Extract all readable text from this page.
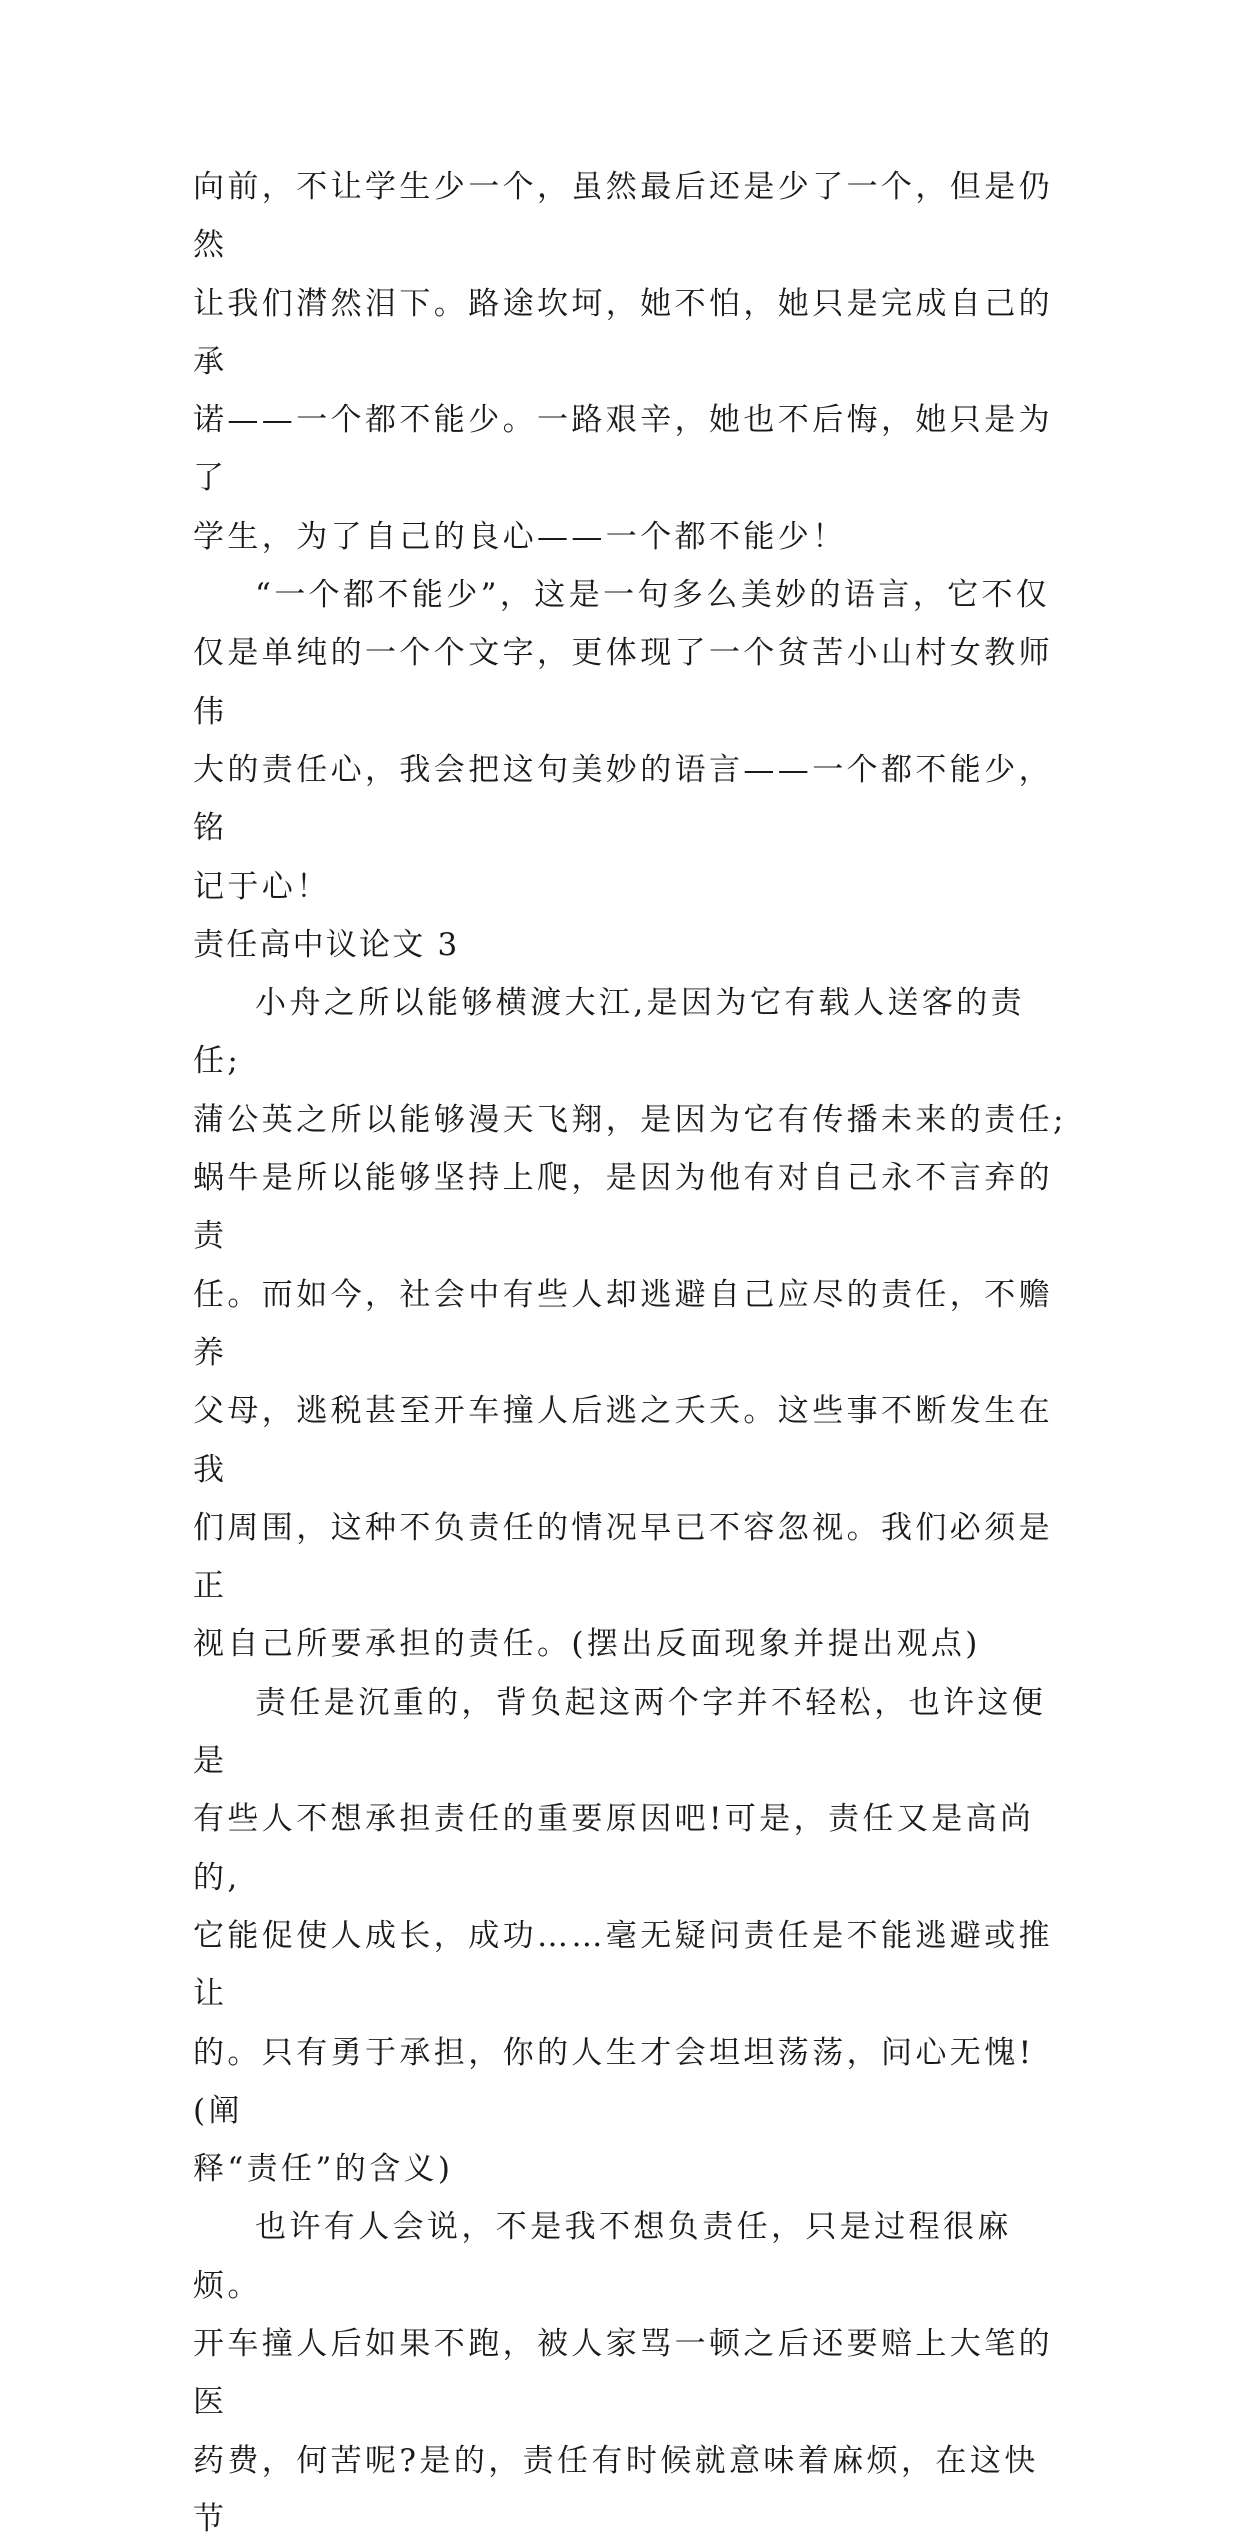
向前，不让学生少一个，虽然最后还是少了一个，但是仍然
让我们潸然泪下。路途坎坷，她不怕，她只是完成自己的承
诺——一个都不能少。一路艰辛，她也不后悔，她只是为了
学生，为了自己的良心——一个都不能少！

“一个都不能少”，这是一句多么美妙的语言，它不仅
仅是单纯的一个个文字，更体现了一个贫苦小山村女教师伟
大的责任心，我会把这句美妙的语言——一个都不能少，铭
记于心！

责任高中议论文 3

小舟之所以能够横渡大江,是因为它有载人送客的责任;
蒲公英之所以能够漫天飞翔，是因为它有传播未来的责任;
蜗牛是所以能够坚持上爬，是因为他有对自己永不言弃的责
任。而如今，社会中有些人却逃避自己应尽的责任，不赡养
父母，逃税甚至开车撞人后逃之夭夭。这些事不断发生在我
们周围，这种不负责任的情况早已不容忽视。我们必须是正
视自己所要承担的责任。(摆出反面现象并提出观点)

责任是沉重的，背负起这两个字并不轻松，也许这便是
有些人不想承担责任的重要原因吧!可是，责任又是高尚的,
它能促使人成长，成功……毫无疑问责任是不能逃避或推让
的。只有勇于承担，你的人生才会坦坦荡荡，问心无愧!(阐
释“责任”的含义)

也许有人会说，不是我不想负责任，只是过程很麻烦。
开车撞人后如果不跑，被人家骂一顿之后还要赔上大笔的医
药费，何苦呢?是的，责任有时候就意味着麻烦，在这快节
